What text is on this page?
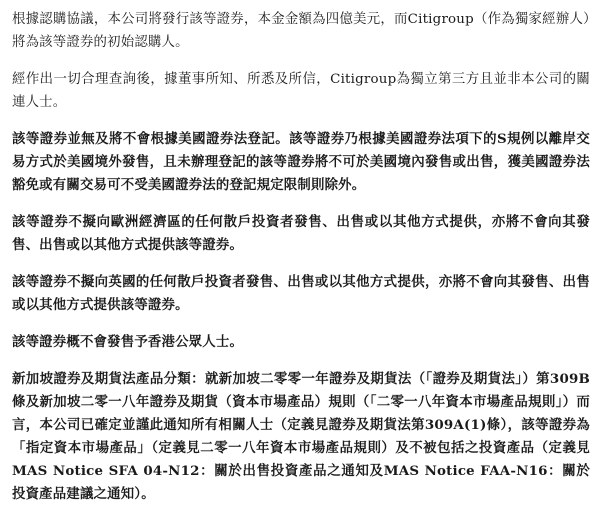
根據認購協議，本公司將發行該等證券，本金金額為四億美元，而Citigroup（作為獨家經辦人）將為該等證券的初始認購人。

經作出一切合理查詢後，據董事所知、所悉及所信，Citigroup為獨立第三方且並非本公司的關連人士。

該等證券並無及將不會根據美國證券法登記。該等證券乃根據美國證券法項下的S規例以離岸交易方式於美國境外發售，且未辦理登記的該等證券將不可於美國境內發售或出售，獲美國證券法豁免或有關交易可不受美國證券法的登記規定限制則除外。

該等證券不擬向歐洲經濟區的任何散戶投資者發售、出售或以其他方式提供，亦將不會向其發售、出售或以其他方式提供該等證券。

該等證券不擬向英國的任何散戶投資者發售、出售或以其他方式提供，亦將不會向其發售、出售或以其他方式提供該等證券。

該等證券概不會發售予香港公眾人士。

新加坡證券及期貨法產品分類：就新加坡二零零一年證券及期貨法（「證券及期貨法」）第309B條及新加坡二零一八年證券及期貨（資本市場產品）規則（「二零一八年資本市場產品規則」）而言，本公司已確定並謹此通知所有相關人士（定義見證券及期貨法第309A(1)條），該等證券為「指定資本市場產品」（定義見二零一八年資本市場產品規則）及不被包括之投資產品（定義見MAS Notice SFA 04-N12：關於出售投資產品之通知及MAS Notice FAA-N16：關於投資產品建議之通知）。
